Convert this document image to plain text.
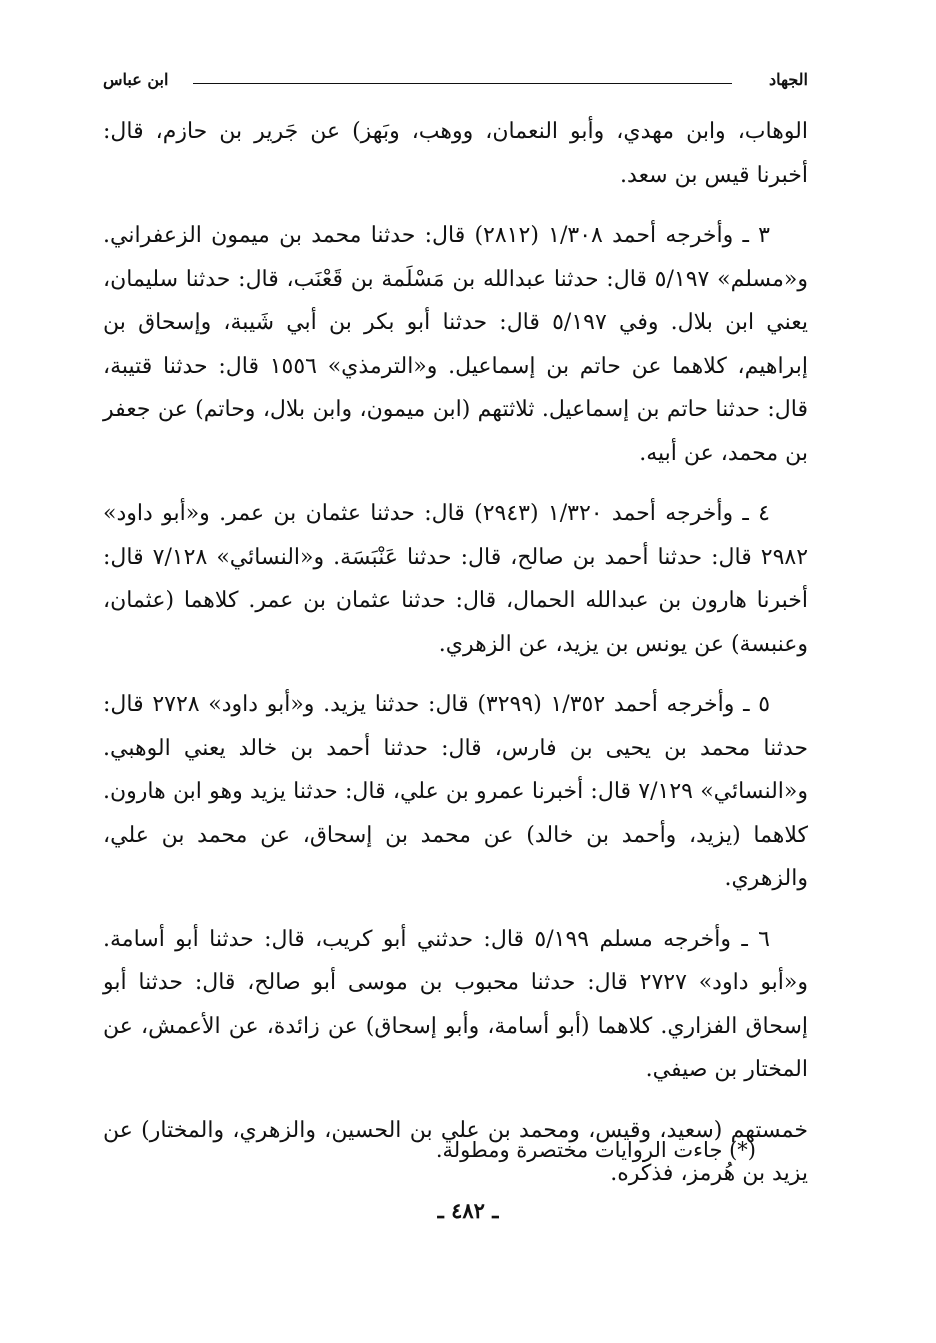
الجهاد
ابن عباس

الوهاب، وابن مهدي، وأبو النعمان، ووهب، وبَهز) عن جَرير بن حازم، قال: أخبرنا قيس بن سعد.

٣ ـ وأخرجه أحمد ١/٣٠٨ (٢٨١٢) قال: حدثنا محمد بن ميمون الزعفراني. و«مسلم» ٥/١٩٧ قال: حدثنا عبدالله بن مَسْلَمة بن قَعْنَب، قال: حدثنا سليمان، يعني ابن بلال. وفي ٥/١٩٧ قال: حدثنا أبو بكر بن أبي شَيبة، وإسحاق بن إبراهيم، كلاهما عن حاتم بن إسماعيل. و«الترمذي» ١٥٥٦ قال: حدثنا قتيبة، قال: حدثنا حاتم بن إسماعيل. ثلاثتهم (ابن ميمون، وابن بلال، وحاتم) عن جعفر بن محمد، عن أبيه.

٤ ـ وأخرجه أحمد ١/٣٢٠ (٢٩٤٣) قال: حدثنا عثمان بن عمر. و«أبو داود» ٢٩٨٢ قال: حدثنا أحمد بن صالح، قال: حدثنا عَنْبَسَة. و«النسائي» ٧/١٢٨ قال: أخبرنا هارون بن عبدالله الحمال، قال: حدثنا عثمان بن عمر. كلاهما (عثمان، وعنبسة) عن يونس بن يزيد، عن الزهري.

٥ ـ وأخرجه أحمد ١/٣٥٢ (٣٢٩٩) قال: حدثنا يزيد. و«أبو داود» ٢٧٢٨ قال: حدثنا محمد بن يحيى بن فارس، قال: حدثنا أحمد بن خالد يعني الوهبي. و«النسائي» ٧/١٢٩ قال: أخبرنا عمرو بن علي، قال: حدثنا يزيد وهو ابن هارون. كلاهما (يزيد، وأحمد بن خالد) عن محمد بن إسحاق، عن محمد بن علي، والزهري.

٦ ـ وأخرجه مسلم ٥/١٩٩ قال: حدثني أبو كريب، قال: حدثنا أبو أسامة. و«أبو داود» ٢٧٢٧ قال: حدثنا محبوب بن موسى أبو صالح، قال: حدثنا أبو إسحاق الفزاري. كلاهما (أبو أسامة، وأبو إسحاق) عن زائدة، عن الأعمش، عن المختار بن صيفي.

خمستهم (سعيد، وقيس، ومحمد بن علي بن الحسين، والزهري، والمختار) عن يزيد بن هُرمز، فذكره.

(*) جاءت الروايات مختصرة ومطولة.
ـ ٤٨٢ ـ
